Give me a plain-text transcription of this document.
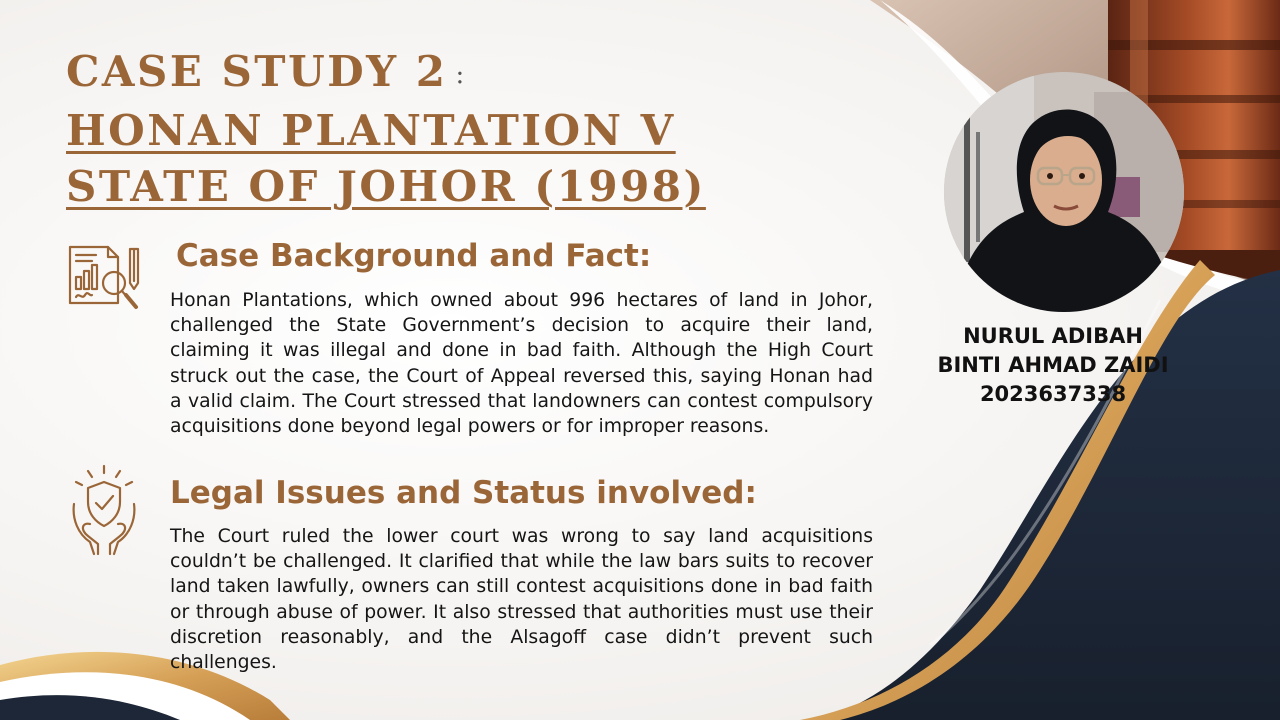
CASE STUDY 2 :
HONAN PLANTATION V
STATE OF JOHOR (1998)
Case Background and Fact:

Honan Plantations, which owned about 996 hectares of land in Johor, challenged the State Government’s decision to acquire their land, claiming it was illegal and done in bad faith. Although the High Court struck out the case, the Court of Appeal reversed this, saying Honan had a valid claim. The Court stressed that landowners can contest compulsory acquisitions done beyond legal powers or for improper reasons.

Legal Issues and Status involved:

The Court ruled the lower court was wrong to say land acquisitions couldn’t be challenged. It clarified that while the law bars suits to recover land taken lawfully, owners can still contest acquisitions done in bad faith or through abuse of power. It also stressed that authorities must use their discretion reasonably, and the Alsagoff case didn’t prevent such challenges.

NURUL ADIBAH

BINTI AHMAD ZAIDI

2023637338
